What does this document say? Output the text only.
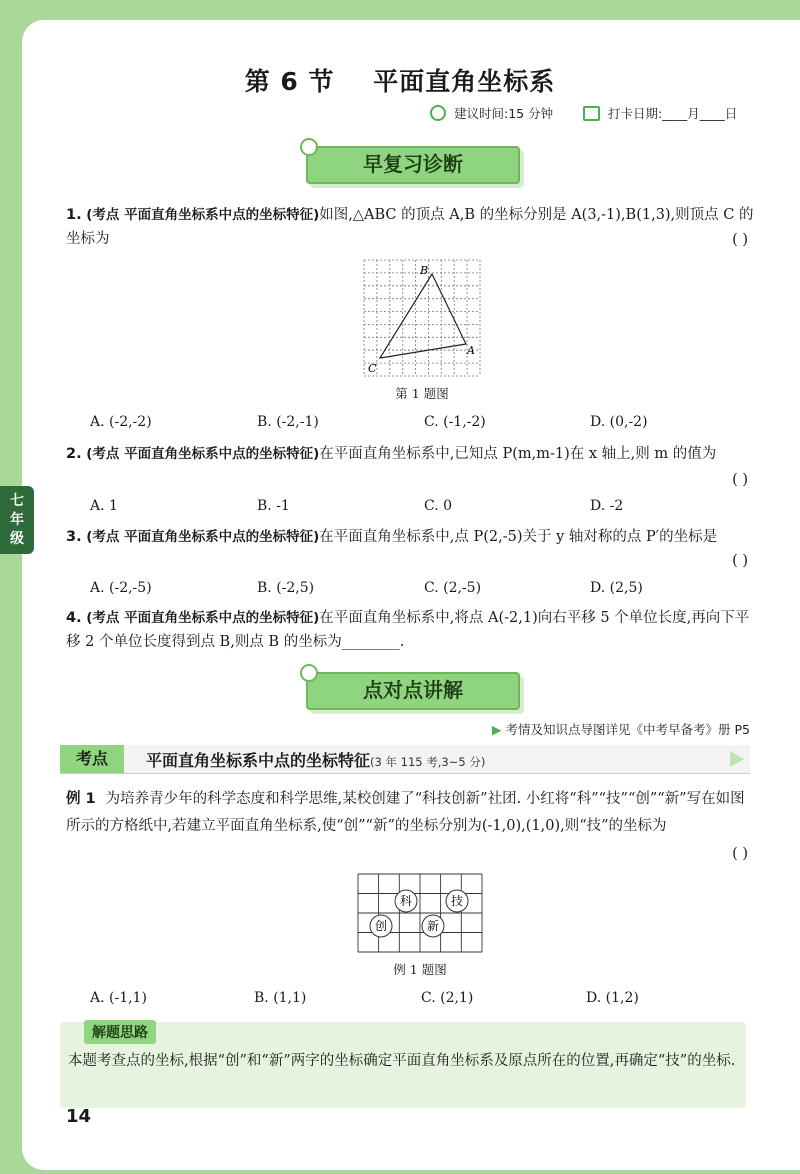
七年级
第 6 节    平面直角坐标系
建议时间:15 分钟	打卡日期:____月____日
早复习诊断
1. (考点 平面直角坐标系中点的坐标特征)如图,△ABC 的顶点 A,B 的坐标分别是 A(3,-1),B(1,3),则顶点 C 的坐标为	( )
B
A
C
第 1 题图
A. (-2,-2)	B. (-2,-1)	C. (-1,-2)	D. (0,-2)
2. (考点 平面直角坐标系中点的坐标特征)在平面直角坐标系中,已知点 P(m,m-1)在 x 轴上,则 m 的值为
( )
A. 1	B. -1	C. 0	D. -2
3. (考点 平面直角坐标系中点的坐标特征)在平面直角坐标系中,点 P(2,-5)关于 y 轴对称的点 P′的坐标是
( )
A. (-2,-5)	B. (-2,5)	C. (2,-5)	D. (2,5)
4. (考点 平面直角坐标系中点的坐标特征)在平面直角坐标系中,将点 A(-2,1)向右平移 5 个单位长度,再向下平移 2 个单位长度得到点 B,则点 B 的坐标为________.
点对点讲解
▶ 考情及知识点导图详见《中考早备考》册 P5
考点	平面直角坐标系中点的坐标特征(3 年 115 考,3~5 分)
例 1 为培养青少年的科学态度和科学思维,某校创建了“科技创新”社团. 小红将“科”“技”“创”“新”写在如图所示的方格纸中,若建立平面直角坐标系,使“创”“新”的坐标分别为(-1,0),(1,0),则“技”的坐标为
( )
科	技
创	新
例 1 题图
A. (-1,1)	B. (1,1)	C. (2,1)	D. (1,2)
解题思路
本题考查点的坐标,根据“创”和“新”两字的坐标确定平面直角坐标系及原点所在的位置,再确定“技”的坐标.
14
